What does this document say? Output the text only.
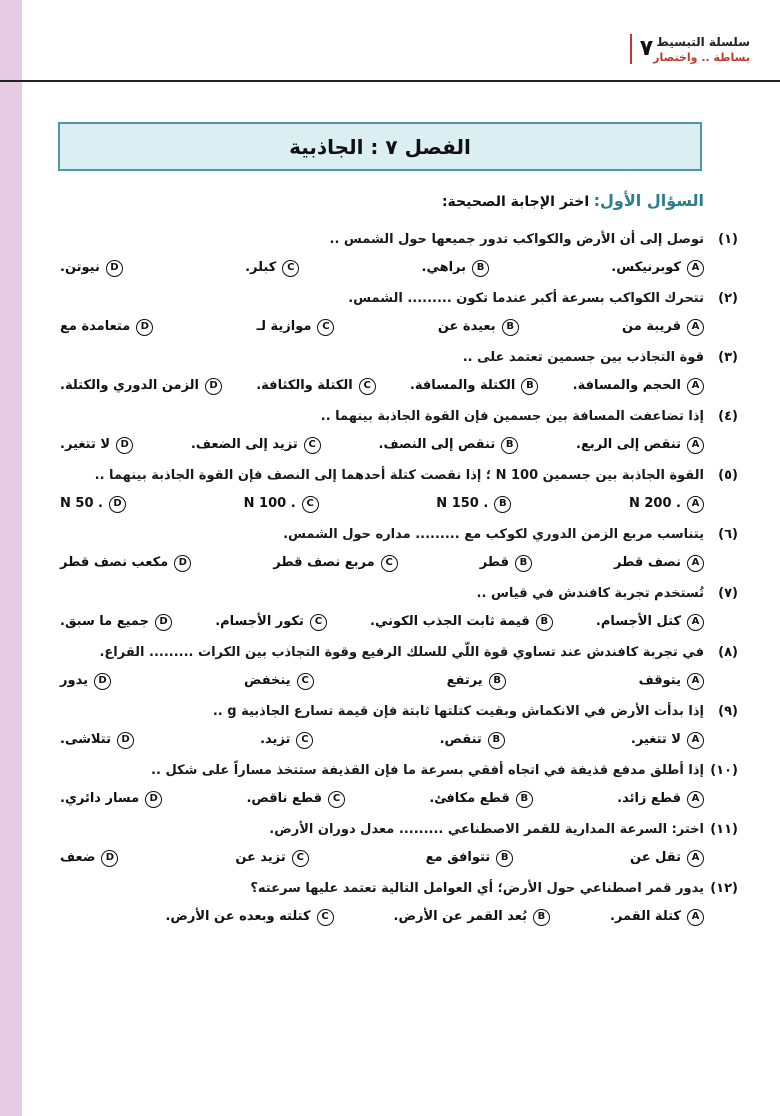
سلسلة التبسيط
بساطة .. واختصار
٧
الفصل ٧ : الجاذبية
السؤال الأول: اختر الإجابة الصحيحة:
(١)
توصل إلى أن الأرض والكواكب تدور جميعها حول الشمس ..
A
كوبرنيكس.
B
براهي.
C
كبلر.
D
نيوتن.
(٢)
تتحرك الكواكب بسرعة أكبر عندما تكون ......... الشمس.
A
قريبة من
B
بعيدة عن
C
موازية لـ
D
متعامدة مع
(٣)
قوة التجاذب بين جسمين تعتمد على ..
A
الحجم والمسافة.
B
الكتلة والمسافة.
C
الكتلة والكثافة.
D
الزمن الدوري والكتلة.
(٤)
إذا تضاعفت المسافة بين جسمين فإن القوة الجاذبة بينهما ..
A
تنقص إلى الربع.
B
تنقص إلى النصف.
C
تزيد إلى الضعف.
D
لا تتغير.
(٥)
القوة الجاذبة بين جسمين 100 N ؛ إذا نقصت كتلة أحدهما إلى النصف فإن القوة الجاذبة بينهما ..
A
. 200 N
B
. 150 N
C
. 100 N
D
. 50 N
(٦)
يتناسب مربع الزمن الدوري لكوكب مع ......... مداره حول الشمس.
A
نصف قطر
B
قطر
C
مربع نصف قطر
D
مكعب نصف قطر
(٧)
تُستخدم تجربة كافندش في قياس ..
A
كتل الأجسام.
B
قيمة ثابت الجذب الكوني.
C
تكور الأجسام.
D
جميع ما سبق.
(٨)
في تجربة كافندش عند تساوي قوة اللّي للسلك الرفيع وقوة التجاذب بين الكرات ......... القراع.
A
يتوقف
B
يرتفع
C
ينخفض
D
يدور
(٩)
إذا بدأت الأرض في الانكماش وبقيت كتلتها ثابتة فإن قيمة تسارع الجاذبية g ..
A
لا تتغير.
B
تنقص.
C
تزيد.
D
تتلاشى.
(١٠)
إذا أطلق مدفع قذيفة في اتجاه أفقي بسرعة ما فإن القذيفة ستتخذ مساراً على شكل ..
A
قطع زائد.
B
قطع مكافئ.
C
قطع ناقص.
D
مسار دائري.
(١١)
اختر: السرعة المدارية للقمر الاصطناعي ......... معدل دوران الأرض.
A
تقل عن
B
تتوافق مع
C
تزيد عن
D
ضعف
(١٢)
يدور قمر اصطناعي حول الأرض؛ أي العوامل التالية تعتمد عليها سرعته؟
A
كتلة القمر.
B
بُعد القمر عن الأرض.
C
كتلته وبعده عن الأرض.
